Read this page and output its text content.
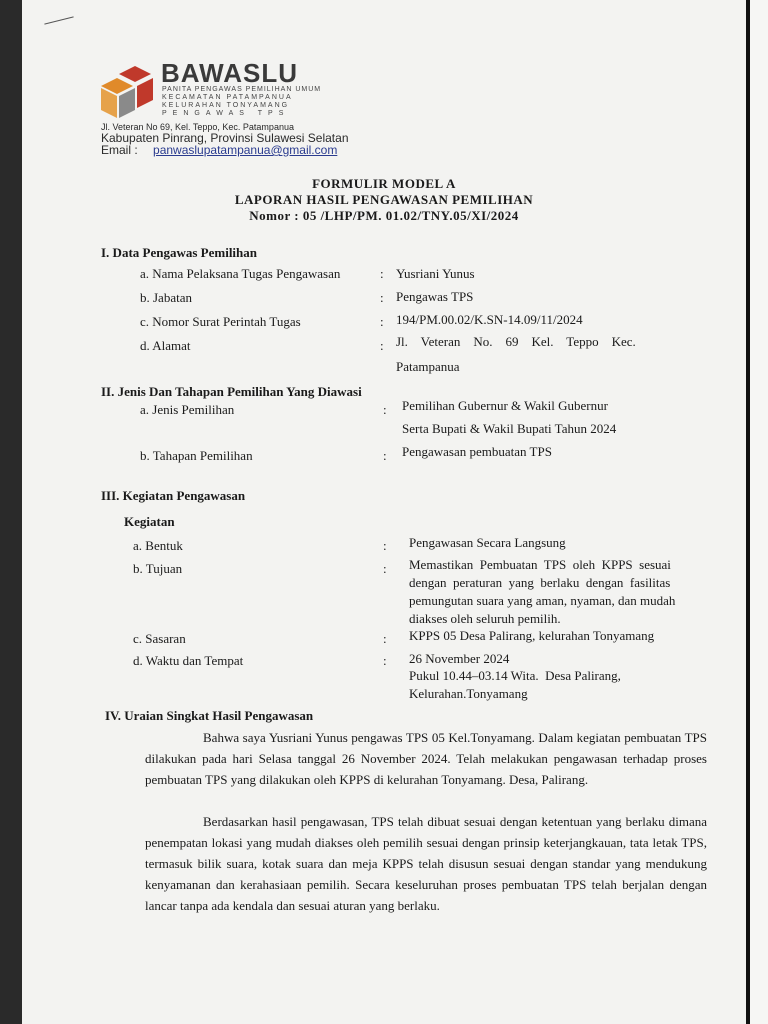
BAWASLU
PANITA PENGAWAS PEMILIHAN UMUM
KECAMATAN PATAMPANUA
KELURAHAN TONYAMANG
PENGAWAS TPS
Jl. Veteran No 69, Kel. Teppo, Kec. Patampanua
Kabupaten Pinrang, Provinsi Sulawesi Selatan
Email : panwaslupatampanua@gmail.com
FORMULIR MODEL A
LAPORAN HASIL PENGAWASAN PEMILIHAN
Nomor : 05 /LHP/PM. 01.02/TNY.05/XI/2024
I. Data Pengawas Pemilihan
a. Nama Pelaksana Tugas Pengawasan	: Yusriani Yunus
b. Jabatan	: Pengawas TPS
c. Nomor Surat Perintah Tugas	: 194/PM.00.02/K.SN-14.09/11/2024
d. Alamat	: Jl.    Veteran    No.    69    Kel.    Teppo    Kec.
Patampanua
II. Jenis Dan Tahapan Pemilihan Yang Diawasi
a. Jenis Pemilihan	: Pemilihan Gubernur & Wakil Gubernur
Serta Bupati & Wakil Bupati Tahun 2024
b. Tahapan Pemilihan	: Pengawasan pembuatan TPS
III. Kegiatan Pengawasan
Kegiatan
a. Bentuk	: Pengawasan Secara Langsung
b. Tujuan	: Memastikan  Pembuatan  TPS  oleh  KPPS  sesuai
dengan  peraturan  yang  berlaku  dengan  fasilitas
pemungutan suara yang aman, nyaman, dan mudah
diakses oleh seluruh pemilih.
c. Sasaran	: KPPS 05 Desa Palirang, kelurahan Tonyamang
d. Waktu dan Tempat	: 26 November 2024
Pukul 10.44–03.14 Wita.  Desa Palirang,
Kelurahan.Tonyamang
IV. Uraian Singkat Hasil Pengawasan
Bahwa saya Yusriani Yunus pengawas TPS 05 Kel.Tonyamang. Dalam kegiatan pembuatan TPS dilakukan pada hari Selasa tanggal 26 November 2024. Telah melakukan pengawasan terhadap proses pembuatan TPS yang dilakukan oleh KPPS di kelurahan Tonyamang. Desa, Palirang.
Berdasarkan hasil pengawasan, TPS telah dibuat sesuai dengan ketentuan yang berlaku dimana penempatan lokasi yang mudah diakses oleh pemilih sesuai dengan prinsip keterjangkauan, tata letak TPS, termasuk bilik suara, kotak suara dan meja KPPS telah disusun sesuai dengan standar yang mendukung kenyamanan dan kerahasiaan pemilih. Secara keseluruhan proses pembuatan TPS telah berjalan dengan lancar tanpa ada kendala dan sesuai aturan yang berlaku.
